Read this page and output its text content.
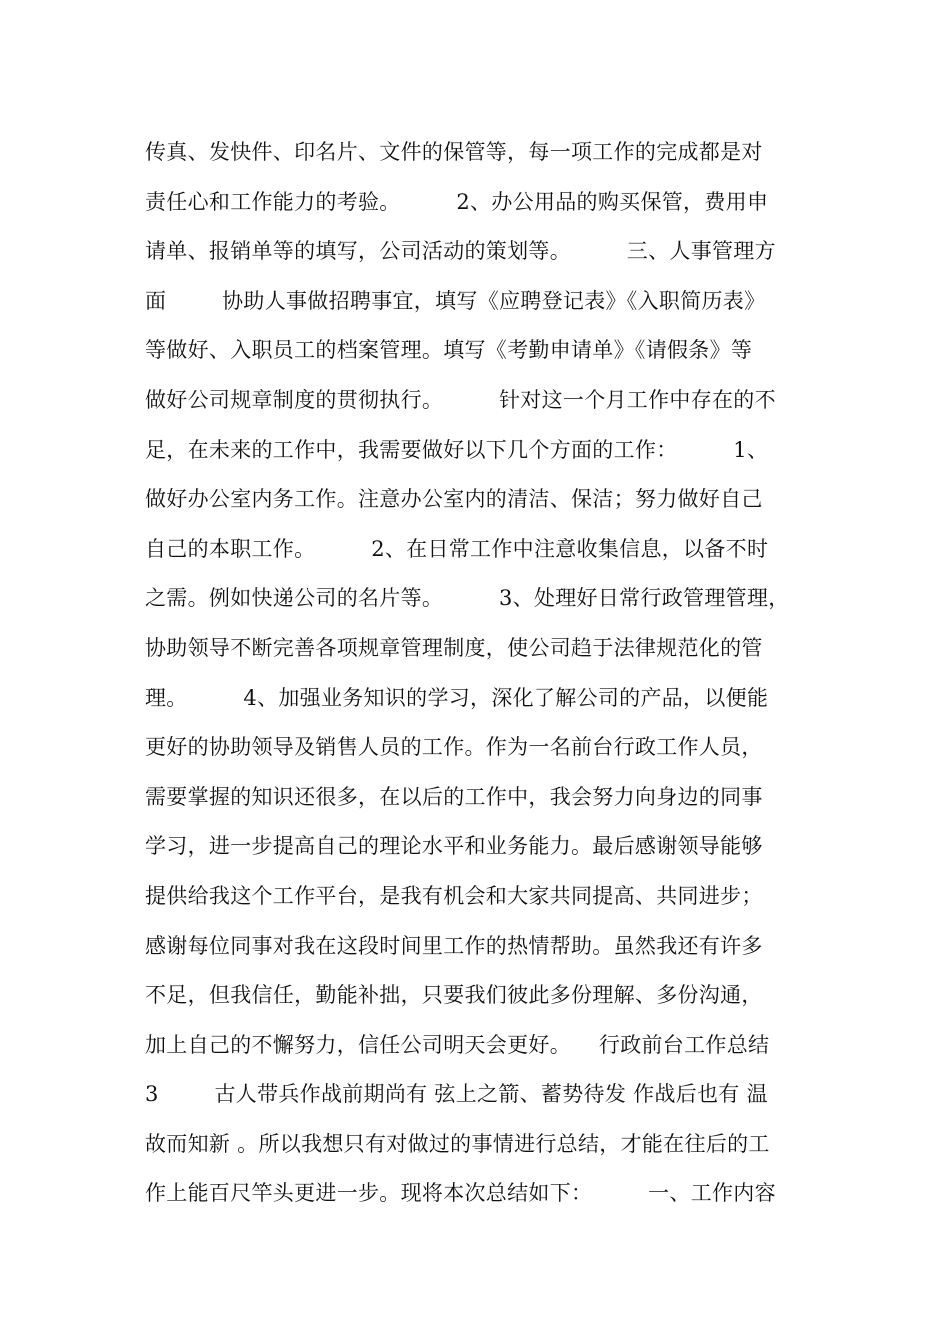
传真、发快件、印名片、文件的保管等，每一项工作的完成都是对
责任心和工作能力的考验。        2、办公用品的购买保管，费用申
请单、报销单等的填写，公司活动的策划等。        三、人事管理方
面        协助人事做招聘事宜，填写《应聘登记表》《入职简历表》
等做好、入职员工的档案管理。填写《考勤申请单》《请假条》等
做好公司规章制度的贯彻执行。        针对这一个月工作中存在的不
足，在未来的工作中，我需要做好以下几个方面的工作：        1、
做好办公室内务工作。注意办公室内的清洁、保洁；努力做好自己
自己的本职工作。        2、在日常工作中注意收集信息，以备不时
之需。例如快递公司的名片等。        3、处理好日常行政管理管理，
协助领导不断完善各项规章管理制度，使公司趋于法律规范化的管
理。        4、加强业务知识的学习，深化了解公司的产品，以便能
更好的协助领导及销售人员的工作。作为一名前台行政工作人员，
需要掌握的知识还很多，在以后的工作中，我会努力向身边的同事
学习，进一步提高自己的理论水平和业务能力。最后感谢领导能够
提供给我这个工作平台，是我有机会和大家共同提高、共同进步；
感谢每位同事对我在这段时间里工作的热情帮助。虽然我还有许多
不足，但我信任，勤能补拙，只要我们彼此多份理解、多份沟通，
加上自己的不懈努力，信任公司明天会更好。    行政前台工作总结
3        古人带兵作战前期尚有 弦上之箭、蓄势待发 作战后也有 温
故而知新 。所以我想只有对做过的事情进行总结，才能在往后的工
作上能百尺竿头更进一步。现将本次总结如下：        一、工作内容
